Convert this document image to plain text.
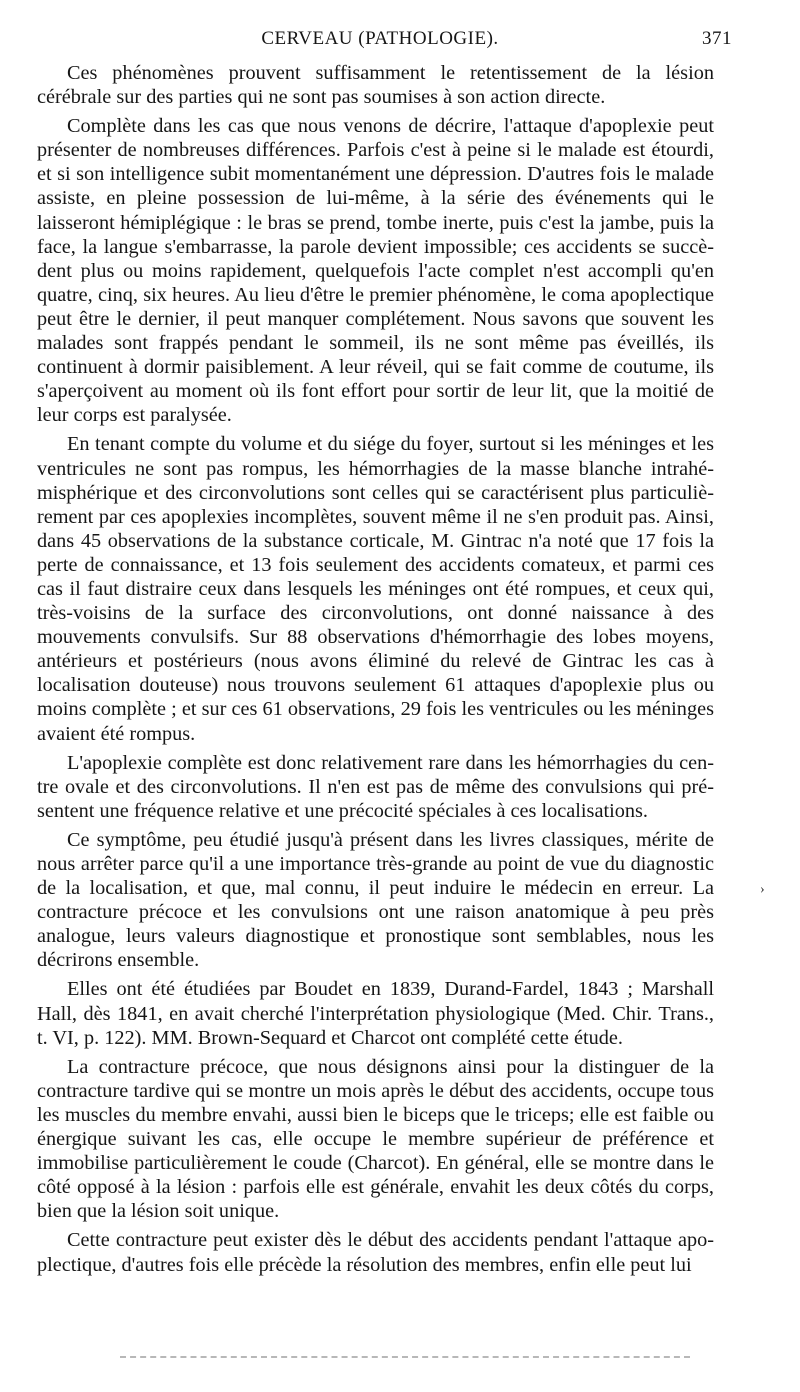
CERVEAU (PATHOLOGIE).	371

Ces phénomènes prouvent suffisamment le retentissement de la lésion cérébrale sur des parties qui ne sont pas soumises à son action directe.

Complète dans les cas que nous venons de décrire, l'attaque d'apoplexie peut présenter de nombreuses différences. Parfois c'est à peine si le malade est étourdi, et si son intelligence subit momentanément une dépression. D'autres fois le malade assiste, en pleine possession de lui-même, à la série des événements qui le laisseront hémiplégique : le bras se prend, tombe inerte, puis c'est la jambe, puis la face, la langue s'embarrasse, la parole devient impossible; ces accidents se succèdent plus ou moins rapidement, quelquefois l'acte complet n'est accompli qu'en quatre, cinq, six heures. Au lieu d'être le premier phénomène, le coma apoplectique peut être le dernier, il peut manquer complétement. Nous savons que souvent les malades sont frappés pendant le sommeil, ils ne sont même pas éveillés, ils continuent à dormir paisiblement. A leur réveil, qui se fait comme de coutume, ils s'aperçoivent au moment où ils font effort pour sortir de leur lit, que la moitié de leur corps est paralysée.

En tenant compte du volume et du siége du foyer, surtout si les méninges et les ventricules ne sont pas rompus, les hémorrhagies de la masse blanche intrahémisphérique et des circonvolutions sont celles qui se caractérisent plus particulièrement par ces apoplexies incomplètes, souvent même il ne s'en produit pas. Ainsi, dans 45 observations de la substance corticale, M. Gintrac n'a noté que 17 fois la perte de connaissance, et 13 fois seulement des accidents comateux, et parmi ces cas il faut distraire ceux dans lesquels les méninges ont été rompues, et ceux qui, très-voisins de la surface des circonvolutions, ont donné naissance à des mouvements convulsifs. Sur 88 observations d'hémorrhagie des lobes moyens, antérieurs et postérieurs (nous avons éliminé du relevé de Gintrac les cas à localisation douteuse) nous trouvons seulement 61 attaques d'apoplexie plus ou moins complète ; et sur ces 61 observations, 29 fois les ventricules ou les méninges avaient été rompus.

L'apoplexie complète est donc relativement rare dans les hémorrhagies du centre ovale et des circonvolutions. Il n'en est pas de même des convulsions qui présentent une fréquence relative et une précocité spéciales à ces localisations.

Ce symptôme, peu étudié jusqu'à présent dans les livres classiques, mérite de nous arrêter parce qu'il a une importance très-grande au point de vue du diagnostic de la localisation, et que, mal connu, il peut induire le médecin en erreur. La contracture précoce et les convulsions ont une raison anatomique à peu près analogue, leurs valeurs diagnostique et pronostique sont semblables, nous les décrirons ensemble.

Elles ont été étudiées par Boudet en 1839, Durand-Fardel, 1843 ; Marshall Hall, dès 1841, en avait cherché l'interprétation physiologique (Med. Chir. Trans., t. VI, p. 122). MM. Brown-Sequard et Charcot ont complété cette étude.

La contracture précoce, que nous désignons ainsi pour la distinguer de la contracture tardive qui se montre un mois après le début des accidents, occupe tous les muscles du membre envahi, aussi bien le biceps que le triceps; elle est faible ou énergique suivant les cas, elle occupe le membre supérieur de préférence et immobilise particulièrement le coude (Charcot). En général, elle se montre dans le côté opposé à la lésion : parfois elle est générale, envahit les deux côtés du corps, bien que la lésion soit unique.

Cette contracture peut exister dès le début des accidents pendant l'attaque apoplectique, d'autres fois elle précède la résolution des membres, enfin elle peut lui

›
